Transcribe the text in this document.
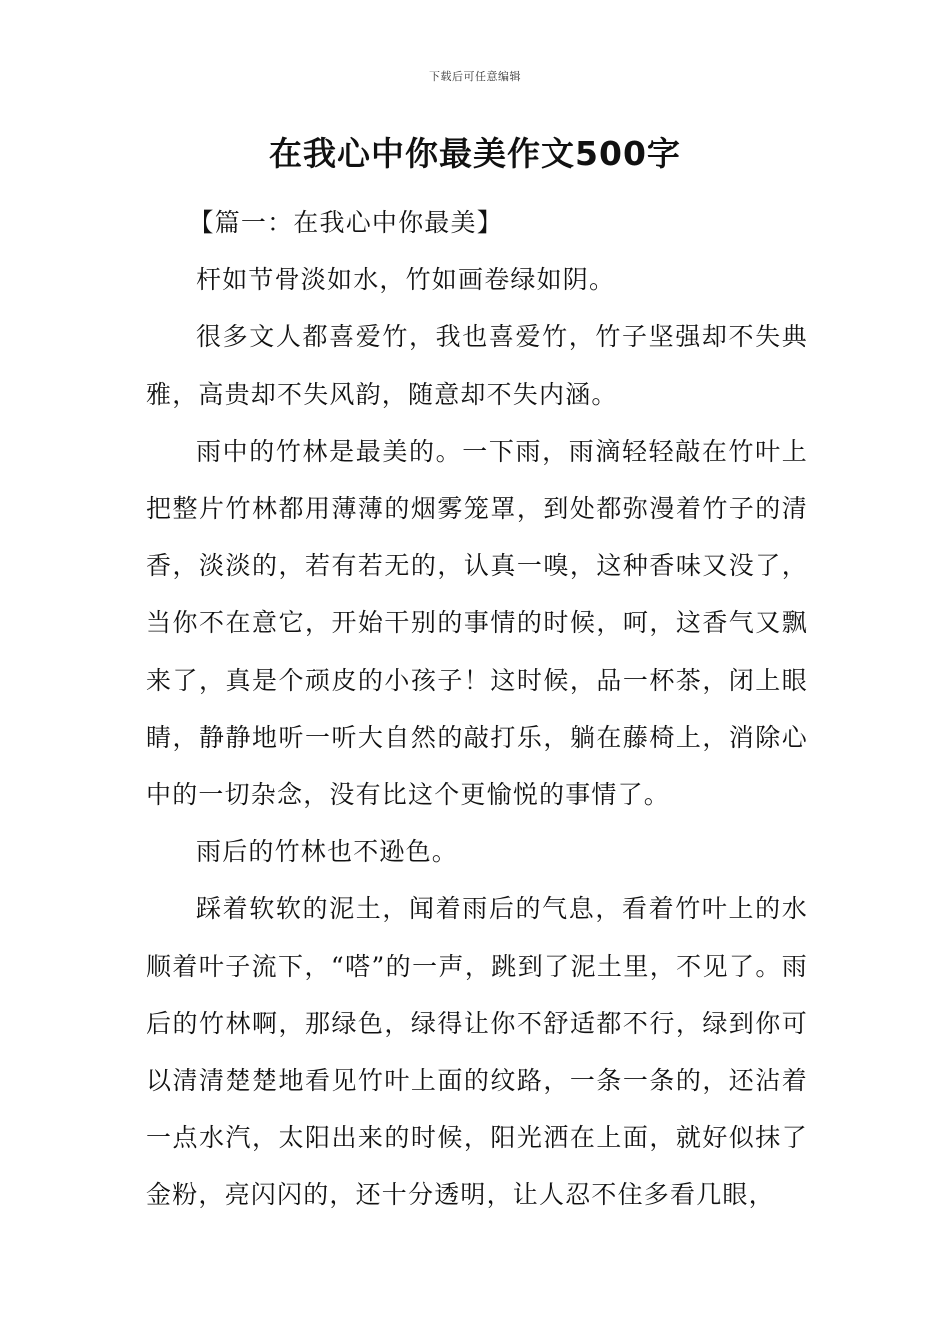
下载后可任意编辑
在我心中你最美作文500字

【篇一：在我心中你最美】

杆如节骨淡如水，竹如画卷绿如阴。

很多文人都喜爱竹，我也喜爱竹，竹子坚强却不失典雅，高贵却不失风韵，随意却不失内涵。

雨中的竹林是最美的。一下雨，雨滴轻轻敲在竹叶上把整片竹林都用薄薄的烟雾笼罩，到处都弥漫着竹子的清香，淡淡的，若有若无的，认真一嗅，这种香味又没了，当你不在意它，开始干别的事情的时候，呵，这香气又飘来了，真是个顽皮的小孩子！这时候，品一杯茶，闭上眼睛，静静地听一听大自然的敲打乐，躺在藤椅上，消除心中的一切杂念，没有比这个更愉悦的事情了。

雨后的竹林也不逊色。

踩着软软的泥土，闻着雨后的气息，看着竹叶上的水顺着叶子流下，“嗒”的一声，跳到了泥土里，不见了。雨后的竹林啊，那绿色，绿得让你不舒适都不行，绿到你可以清清楚楚地看见竹叶上面的纹路，一条一条的，还沾着一点水汽，太阳出来的时候，阳光洒在上面，就好似抹了金粉，亮闪闪的，还十分透明，让人忍不住多看几眼，
